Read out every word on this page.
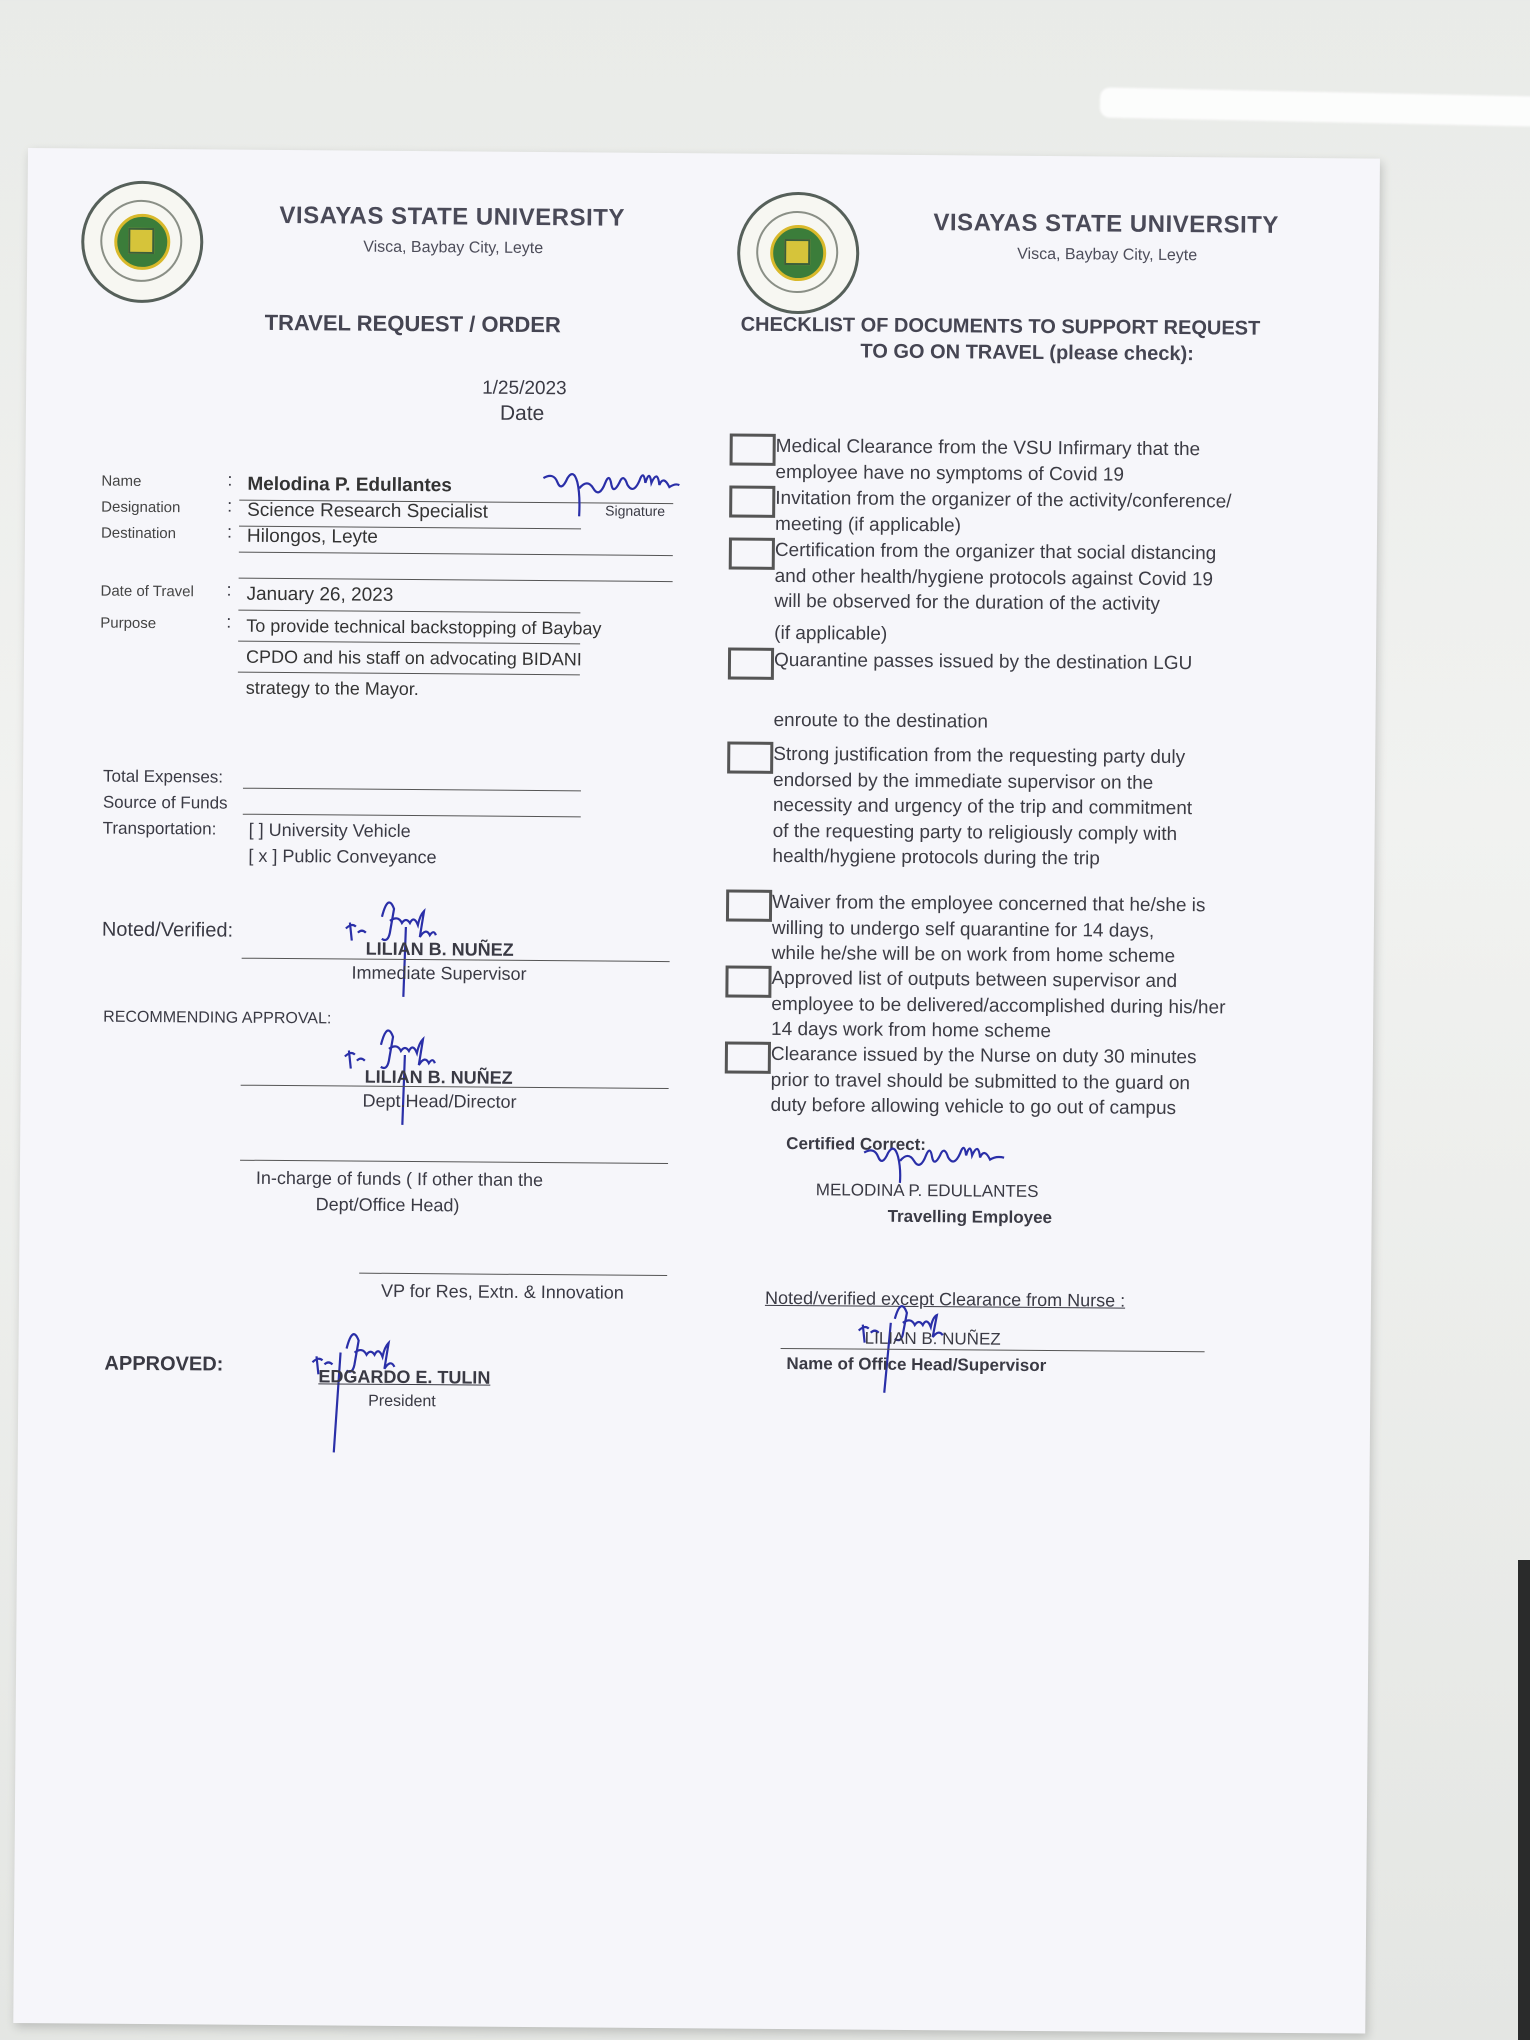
VISAYAS STATE UNIVERSITY
Visca, Baybay City, Leyte
TRAVEL REQUEST / ORDER
1/25/2023
Date
Name	: Melodina P. Edullantes
Signature
Designation	: Science Research Specialist
Destination	: Hilongos, Leyte
Date of Travel : January 26, 2023
Purpose	: To provide technical backstopping of Baybay
CPDO and his staff on advocating BIDANI
strategy to the Mayor.
Total Expenses:
Source of Funds
Transportation: [ ] University Vehicle
[ x ] Public Conveyance
Noted/Verified:
LILIAN B. NUÑEZ
Immediate Supervisor
RECOMMENDING APPROVAL:
LILIAN B. NUÑEZ
Dept.Head/Director
In-charge of funds ( If other than the
Dept/Office Head)
VP for Res, Extn. & Innovation
APPROVED:
EDGARDO E. TULIN
President
VISAYAS STATE UNIVERSITY
Visca, Baybay City, Leyte
CHECKLIST OF DOCUMENTS TO SUPPORT REQUEST
TO GO ON TRAVEL (please check):
Medical Clearance from the VSU Infirmary that the
employee have no symptoms of Covid 19
Invitation from the organizer of the activity/conference/
meeting (if applicable)
Certification from the organizer that social distancing
and other health/hygiene protocols against Covid 19
will be observed for the duration of the activity
(if applicable)
Quarantine passes issued by the destination LGU
enroute to the destination
Strong justification from the requesting party duly
endorsed by the immediate supervisor on the
necessity and urgency of the trip and commitment
of the requesting party to religiously comply with
health/hygiene protocols during the trip
Waiver from the employee concerned that he/she is
willing to undergo self quarantine for 14 days,
while he/she will be on work from home scheme
Approved list of outputs between supervisor and
employee to be delivered/accomplished during his/her
14 days work from home scheme
Clearance issued by the Nurse on duty 30 minutes
prior to travel should be submitted to the guard on
duty before allowing vehicle to go out of campus
Certified Correct:
MELODINA P. EDULLANTES
Travelling Employee
Noted/verified except Clearance from Nurse :
LILIAN B. NUÑEZ
Name of Office Head/Supervisor
